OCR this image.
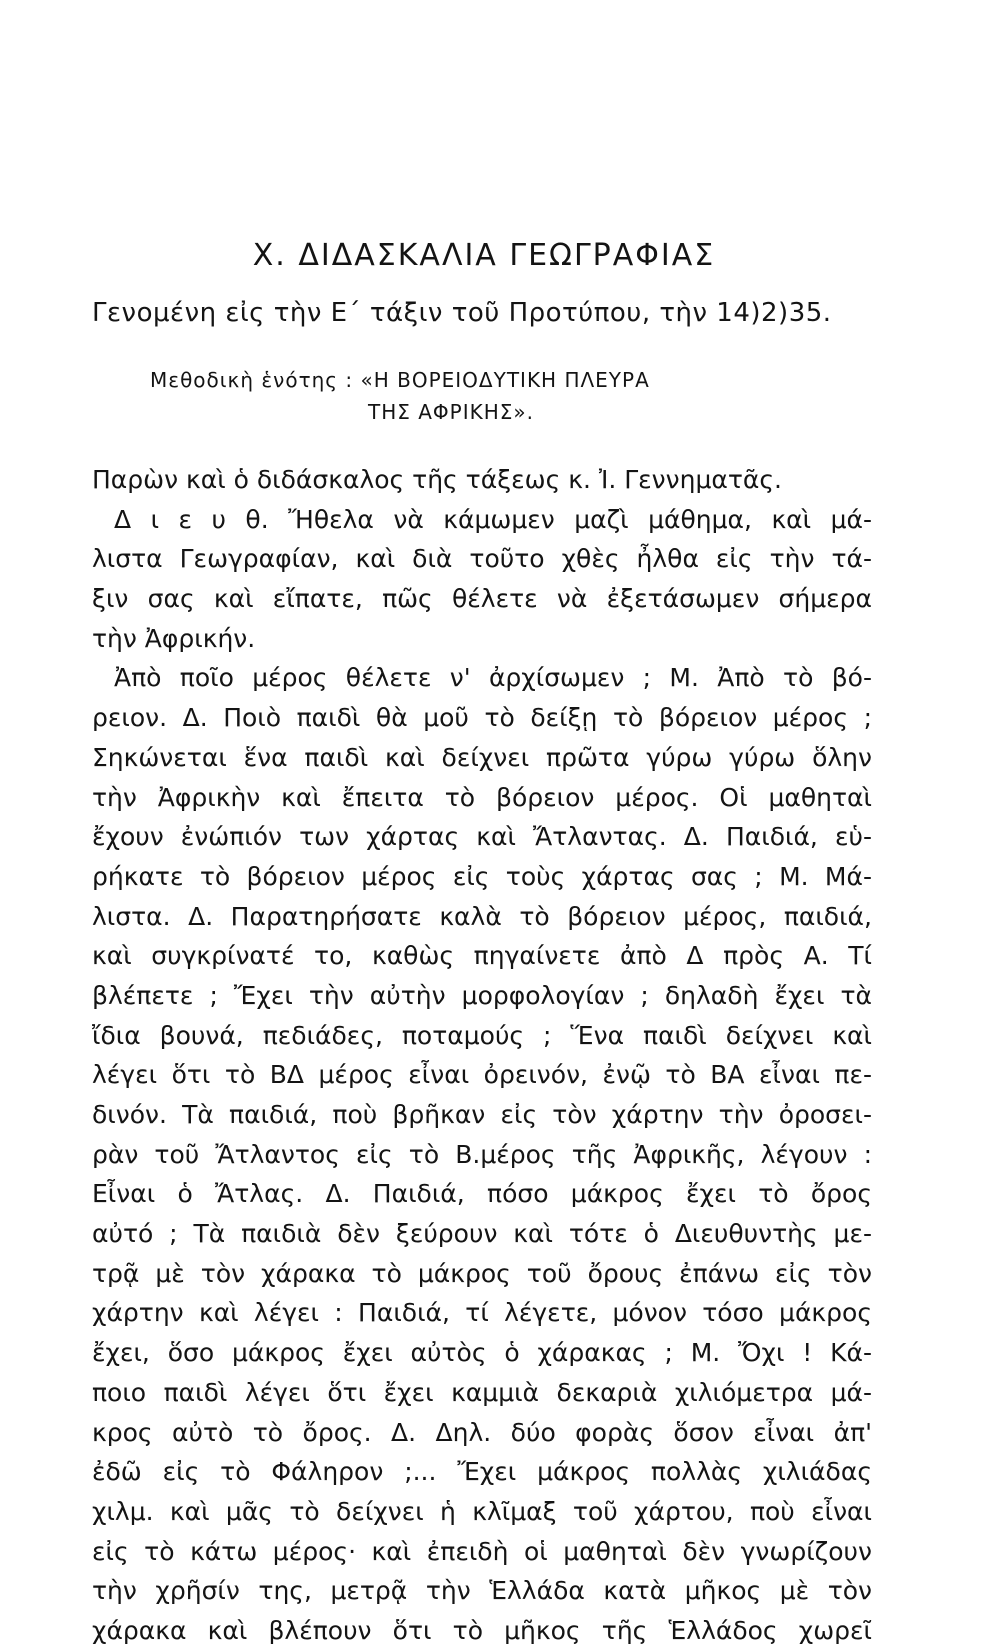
Χ. ΔΙΔΑΣΚΑΛΙΑ ΓΕΩΓΡΑΦΙΑΣ
Γενομένη εἰς τὴν Ε΄ τάξιν τοῦ Προτύπου, τὴν 14)2)35.
Μεθοδικὴ ἑνότης : «Η ΒΟΡΕΙΟΔΥΤΙΚΗ ΠΛΕΥΡΑ
ΤΗΣ ΑΦΡΙΚΗΣ».
Παρὼν καὶ ὁ διδάσκαλος τῆς τάξεως κ. Ἰ. Γεννηματᾶς.
Δ ι ε υ θ. Ἤθελα νὰ κάμωμεν μαζὶ μάθημα, καὶ μά-
λιστα Γεωγραφίαν, καὶ διὰ τοῦτο χθὲς ἦλθα εἰς τὴν τά-
ξιν σας καὶ εἴπατε, πῶς θέλετε νὰ ἐξετάσωμεν σήμερα
τὴν Ἀφρικήν.
Ἀπὸ ποῖο μέρος θέλετε ν' ἀρχίσωμεν ; Μ. Ἀπὸ τὸ βό-
ρειον. Δ. Ποιὸ παιδὶ θὰ μοῦ τὸ δείξῃ τὸ βόρειον μέρος ;
Σηκώνεται ἕνα παιδὶ καὶ δείχνει πρῶτα γύρω γύρω ὅλην
τὴν Ἀφρικὴν καὶ ἔπειτα τὸ βόρειον μέρος. Οἱ μαθηταὶ
ἔχουν ἐνώπιόν των χάρτας καὶ Ἄτλαντας. Δ. Παιδιά, εὑ-
ρήκατε τὸ βόρειον μέρος εἰς τοὺς χάρτας σας ; Μ. Μά-
λιστα. Δ. Παρατηρήσατε καλὰ τὸ βόρειον μέρος, παιδιά,
καὶ συγκρίνατέ το, καθὼς πηγαίνετε ἀπὸ Δ πρὸς Α. Τί
βλέπετε ; Ἔχει τὴν αὐτὴν μορφολογίαν ; δηλαδὴ ἔχει τὰ
ἴδια βουνά, πεδιάδες, ποταμούς ; Ἕνα παιδὶ δείχνει καὶ
λέγει ὅτι τὸ ΒΔ μέρος εἶναι ὀρεινόν, ἐνῷ τὸ ΒΑ εἶναι πε-
δινόν. Τὰ παιδιά, ποὺ βρῆκαν εἰς τὸν χάρτην τὴν ὀροσει-
ρὰν τοῦ Ἄτλαντος εἰς τὸ Β.μέρος τῆς Ἀφρικῆς, λέγουν :
Εἶναι ὁ Ἄτλας. Δ. Παιδιά, πόσο μάκρος ἔχει τὸ ὄρος
αὐτό ; Τὰ παιδιὰ δὲν ξεύρουν καὶ τότε ὁ Διευθυντὴς με-
τρᾷ μὲ τὸν χάρακα τὸ μάκρος τοῦ ὄρους ἐπάνω εἰς τὸν
χάρτην καὶ λέγει : Παιδιά, τί λέγετε, μόνον τόσο μάκρος
ἔχει, ὅσο μάκρος ἔχει αὐτὸς ὁ χάρακας ; Μ. Ὄχι ! Κά-
ποιο παιδὶ λέγει ὅτι ἔχει καμμιὰ δεκαριὰ χιλιόμετρα μά-
κρος αὐτὸ τὸ ὄρος. Δ. Δηλ. δύο φορὰς ὅσον εἶναι ἀπ'
ἐδῶ εἰς τὸ Φάληρον ;... Ἔχει μάκρος πολλὰς χιλιάδας
χιλμ. καὶ μᾶς τὸ δείχνει ἡ κλῖμαξ τοῦ χάρτου, ποὺ εἶναι
εἰς τὸ κάτω μέρος· καὶ ἐπειδὴ οἱ μαθηταὶ δὲν γνωρίζουν
τὴν χρῆσίν της, μετρᾷ τὴν Ἑλλάδα κατὰ μῆκος μὲ τὸν
χάρακα καὶ βλέπουν ὅτι τὸ μῆκος τῆς Ἑλλάδος χωρεῖ
